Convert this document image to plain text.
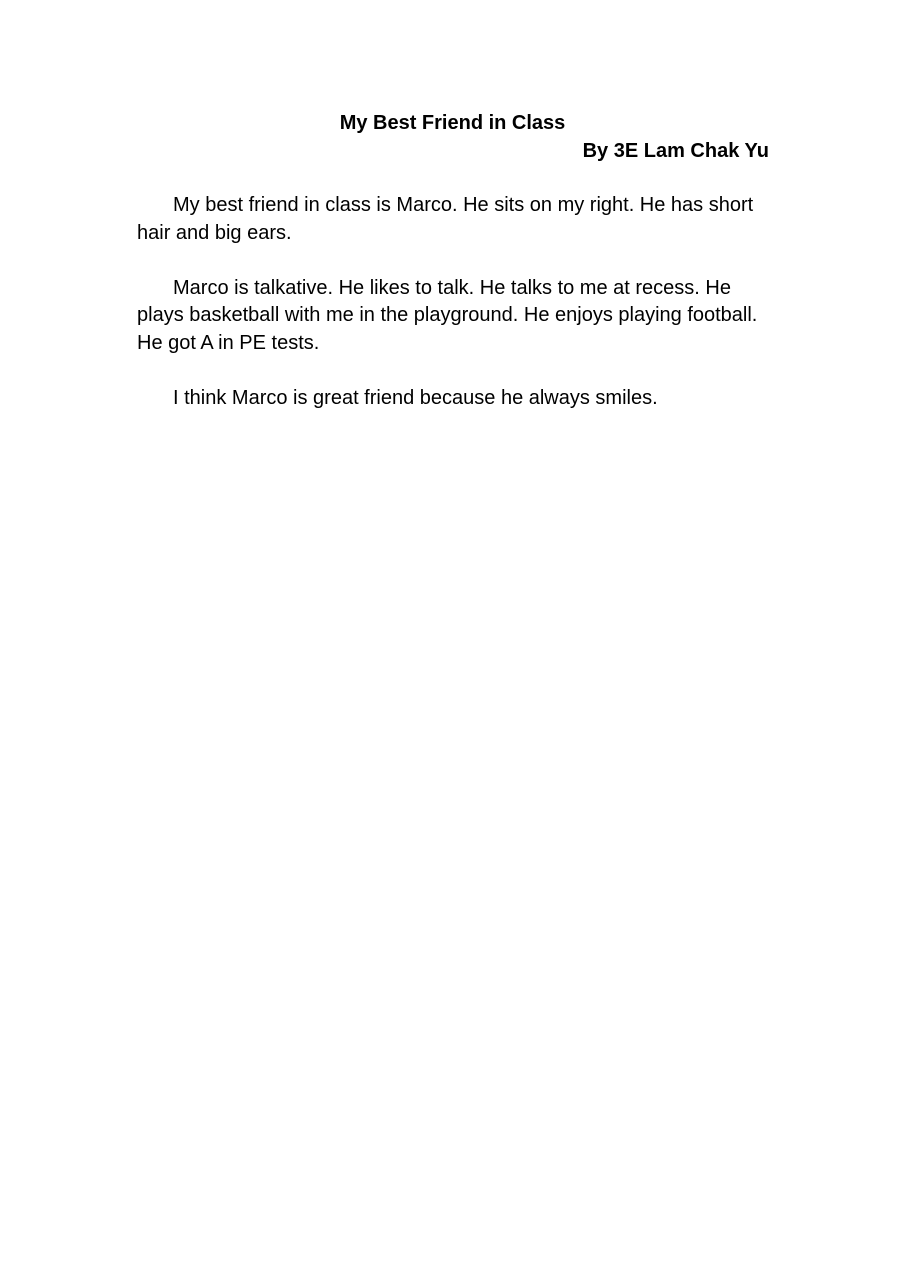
My Best Friend in Class
By 3E Lam Chak Yu

My best friend in class is Marco. He sits on my right. He has short hair and big ears.

Marco is talkative. He likes to talk. He talks to me at recess. He plays basketball with me in the playground. He enjoys playing football. He got A in PE tests.

I think Marco is great friend because he always smiles.
